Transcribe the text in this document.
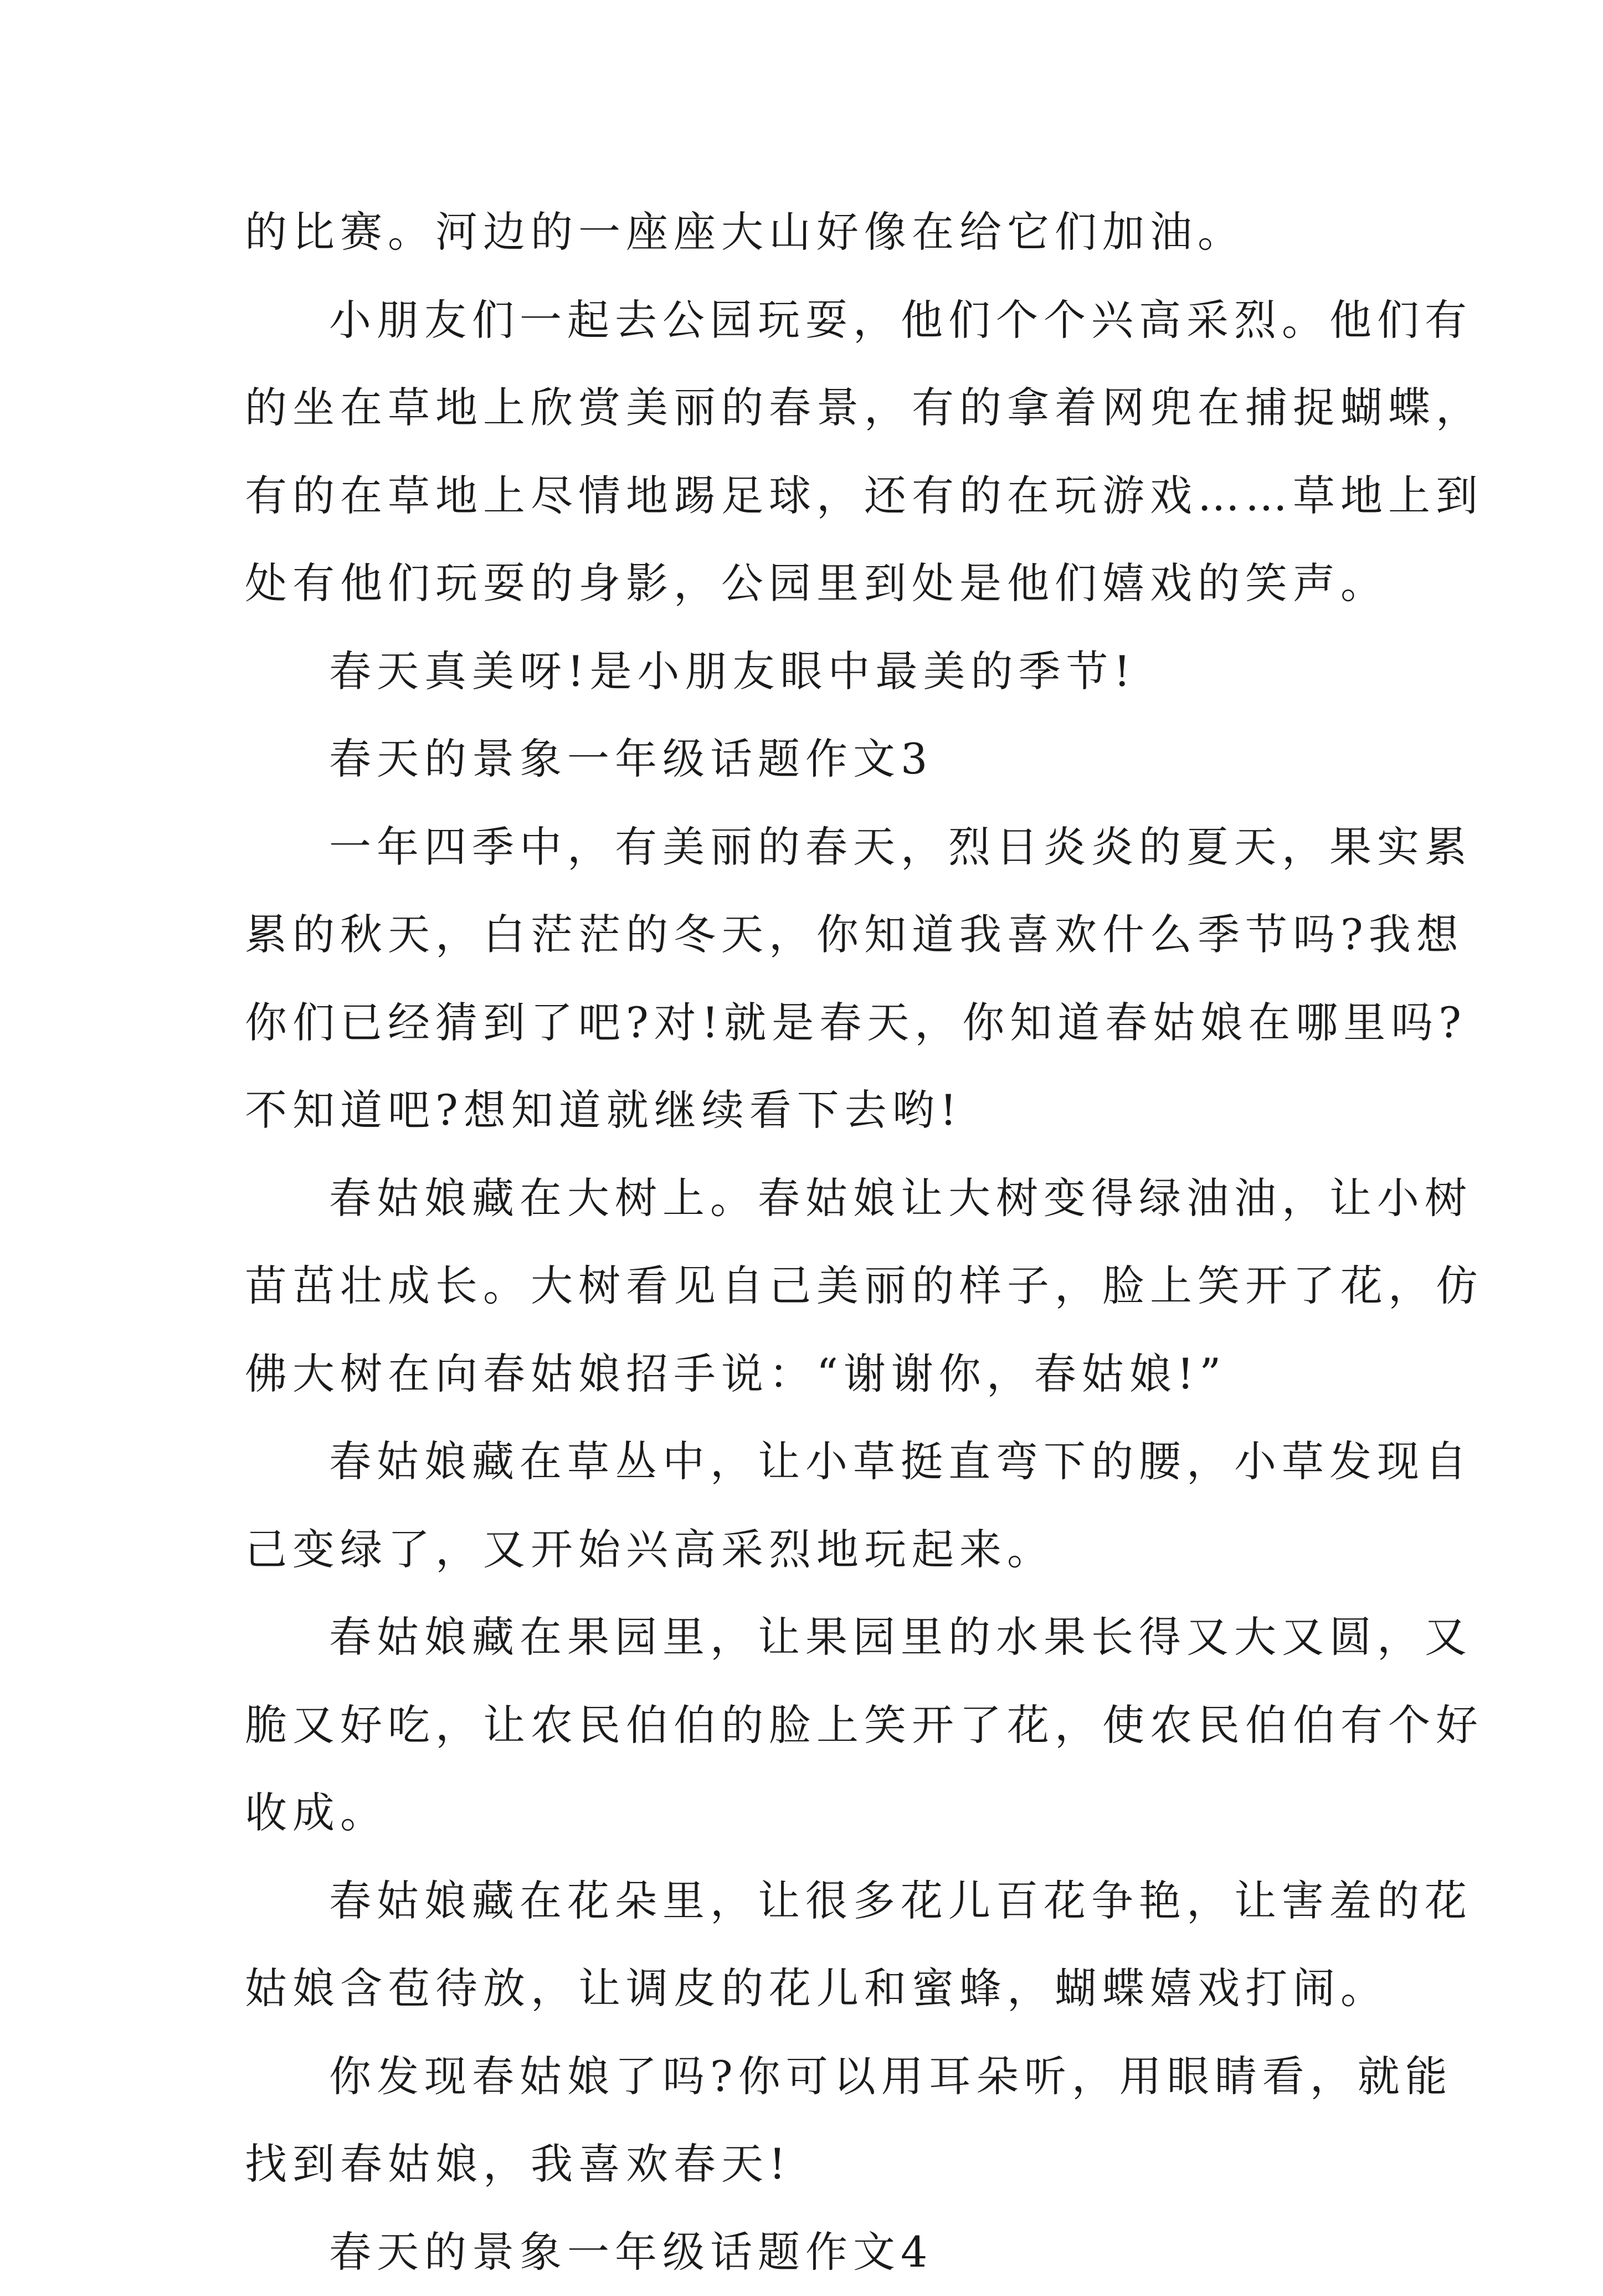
的比赛。河边的一座座大山好像在给它们加油。
小朋友们一起去公园玩耍，他们个个兴高采烈。他们有
的坐在草地上欣赏美丽的春景，有的拿着网兜在捕捉蝴蝶，
有的在草地上尽情地踢足球，还有的在玩游戏……草地上到
处有他们玩耍的身影，公园里到处是他们嬉戏的笑声。
春天真美呀!是小朋友眼中最美的季节!
春天的景象一年级话题作文3
一年四季中，有美丽的春天，烈日炎炎的夏天，果实累
累的秋天，白茫茫的冬天，你知道我喜欢什么季节吗?我想
你们已经猜到了吧?对!就是春天，你知道春姑娘在哪里吗?
不知道吧?想知道就继续看下去哟!
春姑娘藏在大树上。春姑娘让大树变得绿油油，让小树
苗茁壮成长。大树看见自己美丽的样子，脸上笑开了花，仿
佛大树在向春姑娘招手说：“谢谢你，春姑娘!”
春姑娘藏在草丛中，让小草挺直弯下的腰，小草发现自
己变绿了，又开始兴高采烈地玩起来。
春姑娘藏在果园里，让果园里的水果长得又大又圆，又
脆又好吃，让农民伯伯的脸上笑开了花，使农民伯伯有个好
收成。
春姑娘藏在花朵里，让很多花儿百花争艳，让害羞的花
姑娘含苞待放，让调皮的花儿和蜜蜂，蝴蝶嬉戏打闹。
你发现春姑娘了吗?你可以用耳朵听，用眼睛看，就能
找到春姑娘，我喜欢春天!
春天的景象一年级话题作文4
